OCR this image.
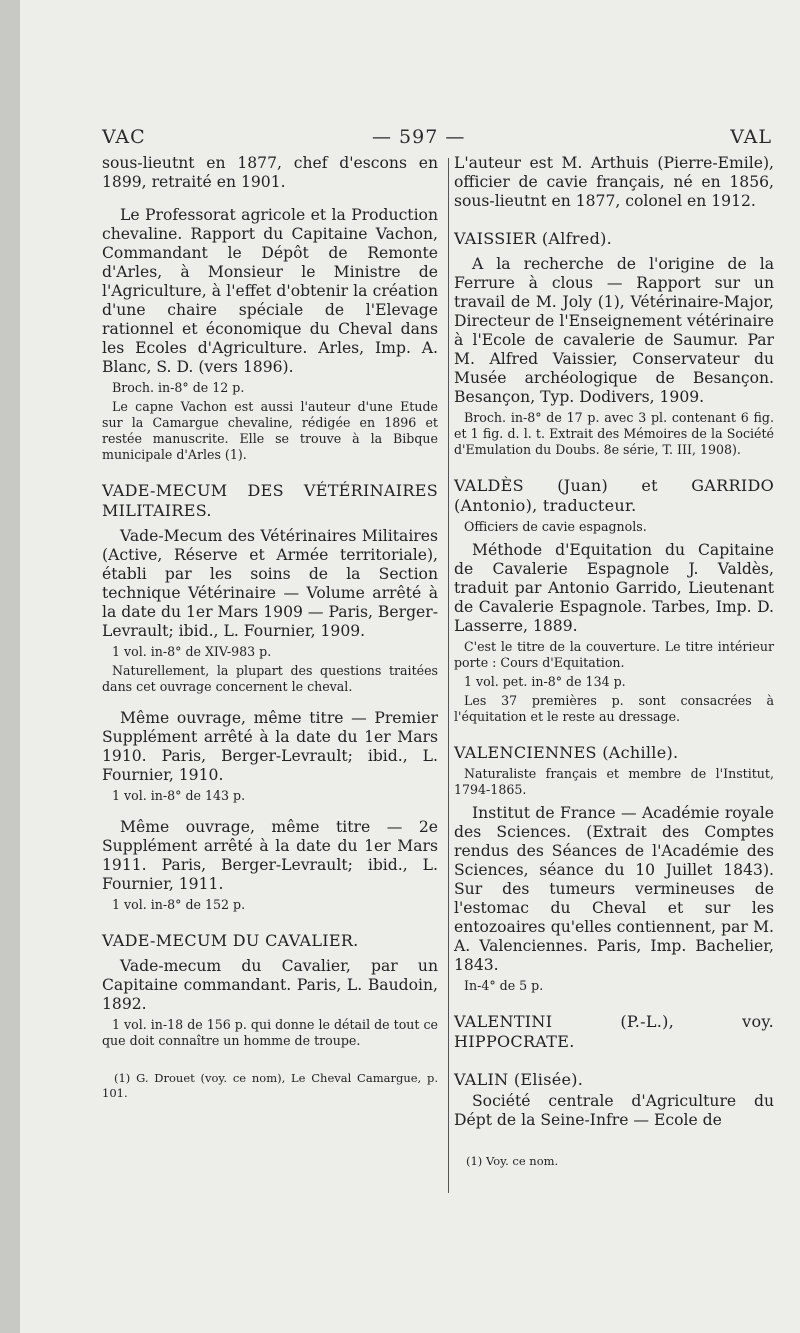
VAC	— 597 —	VAL

sous-lieutnt en 1877, chef d'escons en 1899, retraité en 1901.

Le Professorat agricole et la Production chevaline. Rapport du Capitaine Vachon, Commandant le Dépôt de Remonte d'Arles, à Monsieur le Ministre de l'Agriculture, à l'effet d'obtenir la création d'une chaire spéciale de l'Elevage rationnel et économique du Cheval dans les Ecoles d'Agriculture. Arles, Imp. A. Blanc, S. D. (vers 1896).

Broch. in-8° de 12 p.

Le capne Vachon est aussi l'auteur d'une Etude sur la Camargue chevaline, rédigée en 1896 et restée manuscrite. Elle se trouve à la Bibque municipale d'Arles (1).

VADE-MECUM DES VÉTÉRINAIRES MILITAIRES.

Vade-Mecum des Vétérinaires Militaires (Active, Réserve et Armée territoriale), établi par les soins de la Section technique Vétérinaire — Volume arrêté à la date du 1er Mars 1909 — Paris, Berger-Levrault; ibid., L. Fournier, 1909.

1 vol. in-8° de XIV-983 p.

Naturellement, la plupart des questions traitées dans cet ouvrage concernent le cheval.

Même ouvrage, même titre — Premier Supplément arrêté à la date du 1er Mars 1910. Paris, Berger-Levrault; ibid., L. Fournier, 1910.

1 vol. in-8° de 143 p.

Même ouvrage, même titre — 2e Supplément arrêté à la date du 1er Mars 1911. Paris, Berger-Levrault; ibid., L. Fournier, 1911.

1 vol. in-8° de 152 p.

VADE-MECUM DU CAVALIER.

Vade-mecum du Cavalier, par un Capitaine commandant. Paris, L. Baudoin, 1892.

1 vol. in-18 de 156 p. qui donne le détail de tout ce que doit connaître un homme de troupe.

(1) G. Drouet (voy. ce nom), Le Cheval Camargue, p. 101.

L'auteur est M. Arthuis (Pierre-Emile), officier de cavie français, né en 1856, sous-lieutnt en 1877, colonel en 1912.

VAISSIER (Alfred).

A la recherche de l'origine de la Ferrure à clous — Rapport sur un travail de M. Joly (1), Vétérinaire-Major, Directeur de l'Enseignement vétérinaire à l'Ecole de cavalerie de Saumur. Par M. Alfred Vaissier, Conservateur du Musée archéologique de Besançon. Besançon, Typ. Dodivers, 1909.

Broch. in-8° de 17 p. avec 3 pl. contenant 6 fig. et 1 fig. d. l. t. Extrait des Mémoires de la Société d'Emulation du Doubs. 8e série, T. III, 1908).

VALDÈS (Juan) et GARRIDO (Antonio), traducteur.

Officiers de cavie espagnols.

Méthode d'Equitation du Capitaine de Cavalerie Espagnole J. Valdès, traduit par Antonio Garrido, Lieutenant de Cavalerie Espagnole. Tarbes, Imp. D. Lasserre, 1889.

C'est le titre de la couverture. Le titre intérieur porte : Cours d'Equitation.

1 vol. pet. in-8° de 134 p.

Les 37 premières p. sont consacrées à l'équitation et le reste au dressage.

VALENCIENNES (Achille).

Naturaliste français et membre de l'Institut, 1794-1865.

Institut de France — Académie royale des Sciences. (Extrait des Comptes rendus des Séances de l'Académie des Sciences, séance du 10 Juillet 1843). Sur des tumeurs vermineuses de l'estomac du Cheval et sur les entozoaires qu'elles contiennent, par M. A. Valenciennes. Paris, Imp. Bachelier, 1843.

In-4° de 5 p.

VALENTINI (P.-L.), voy. HIPPOCRATE.

VALIN (Elisée).

Société centrale d'Agriculture du Dépt de la Seine-Infre — Ecole de

(1) Voy. ce nom.
